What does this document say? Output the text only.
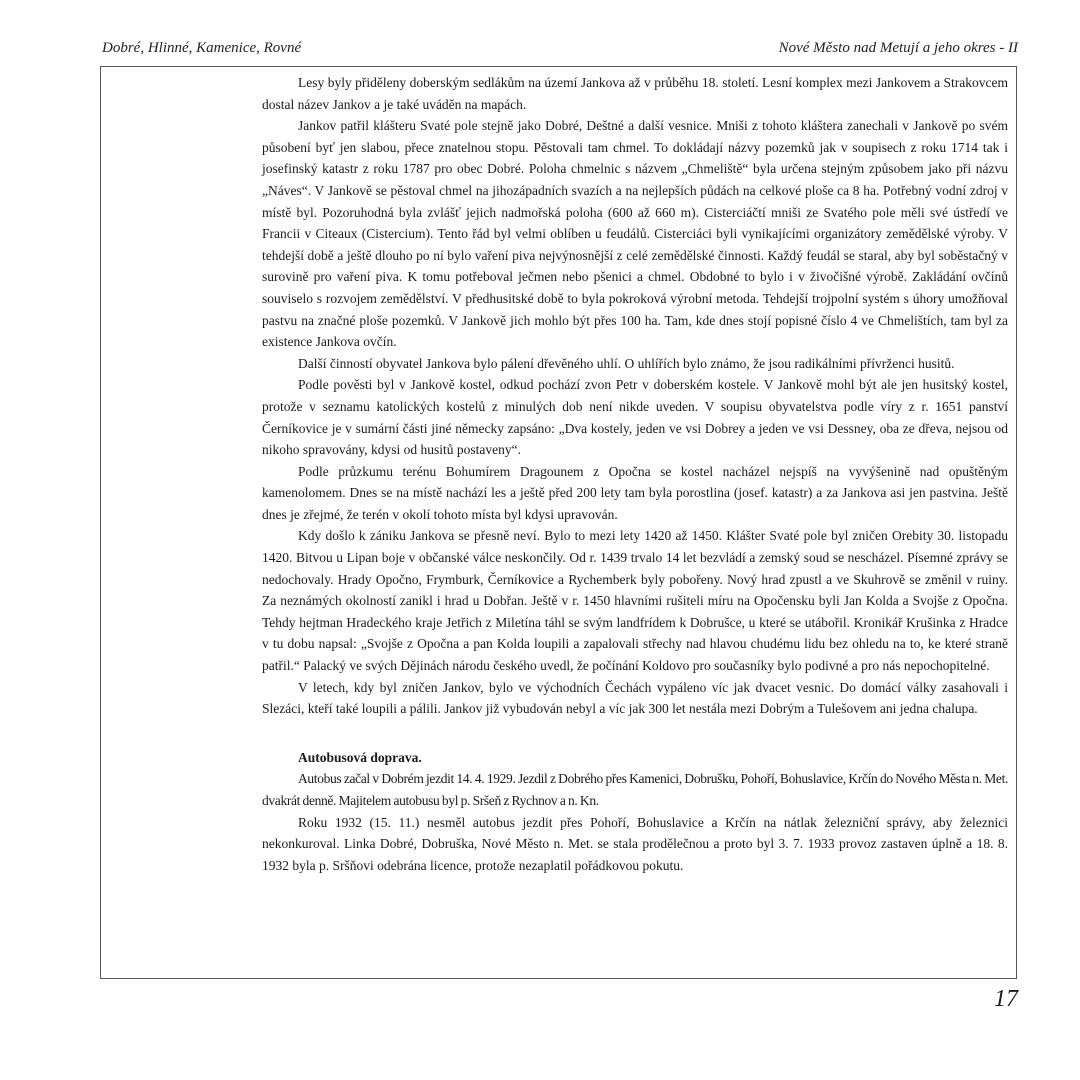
Dobré, Hlinné, Kamenice, Rovné	Nové Město nad Metují a jeho okres - II

Lesy byly přiděleny doberským sedlákům na území Jankova až v průběhu 18. století. Lesní komplex mezi Jankovem a Strakovcem dostal název Jankov a je také uváděn na mapách.

Jankov patřil klášteru Svaté pole stejně jako Dobré, Deštné a další vesnice. Mniši z tohoto kláštera zanechali v Jankově po svém působení byť jen slabou, přece znatelnou stopu. Pěstovali tam chmel. To dokládají názvy pozemků jak v soupisech z roku 1714 tak i josefinský katastr z roku 1787 pro obec Dobré. Poloha chmelnic s názvem „Chmeliště“ byla určena stejným způsobem jako při názvu „Náves“. V Jankově se pěstoval chmel na jihozápadních svazích a na nejlepších půdách na celkové ploše ca 8 ha. Potřebný vodní zdroj v místě byl. Pozoruhodná byla zvlášť jejich nadmořská poloha (600 až 660 m). Cisterciáčtí mniši ze Svatého pole měli své ústředí ve Francii v Citeaux (Cistercium). Tento řád byl velmi oblíben u feudálů. Cisterciáci byli vynikajícími organizátory zemědělské výroby. V tehdejší době a ještě dlouho po ní bylo vaření piva nejvýnosnější z celé zemědělské činnosti. Každý feudál se staral, aby byl soběstačný v surovině pro vaření piva. K tomu potřeboval ječmen nebo pšenici a chmel. Obdobné to bylo i v živočišné výrobě. Zakládání ovčínů souviselo s rozvojem zemědělství. V předhusitské době to byla pokroková výrobní metoda. Tehdejší trojpolní systém s úhory umožňoval pastvu na značné ploše pozemků. V Jankově jich mohlo být přes 100 ha. Tam, kde dnes stojí popisné číslo 4 ve Chmelištích, tam byl za existence Jankova ovčín.

Další činností obyvatel Jankova bylo pálení dřevěného uhlí. O uhlířích bylo známo, že jsou radikálními přívrženci husitů.

Podle pověsti byl v Jankově kostel, odkud pochází zvon Petr v doberském kostele. V Jankově mohl být ale jen husitský kostel, protože v seznamu katolických kostelů z minulých dob není nikde uveden. V soupisu obyvatelstva podle víry z r. 1651 panství Černíkovice je v sumární části jiné německy zapsáno: „Dva kostely, jeden ve vsi Dobrey a jeden ve vsi Dessney, oba ze dřeva, nejsou od nikoho spravovány, kdysi od husitů postaveny“.

Podle průzkumu terénu Bohumírem Dragounem z Opočna se kostel nacházel nejspíš na vyvýšenině nad opuštěným kamenolomem. Dnes se na místě nachází les a ještě před 200 lety tam byla porostlina (josef. katastr) a za Jankova asi jen pastvina. Ještě dnes je zřejmé, že terén v okolí tohoto místa byl kdysi upravován.

Kdy došlo k zániku Jankova se přesně neví. Bylo to mezi lety 1420 až 1450. Klášter Svaté pole byl zničen Orebity 30. listopadu 1420. Bitvou u Lipan boje v občanské válce neskončily. Od r. 1439 trvalo 14 let bezvládí a zemský soud se nescházel. Písemné zprávy se nedochovaly. Hrady Opočno, Frymburk, Černíkovice a Rychemberk byly pobořeny. Nový hrad zpustl a ve Skuhrově se změnil v ruiny. Za neznámých okolností zanikl i hrad u Dobřan. Ještě v r. 1450 hlavními rušiteli míru na Opočensku byli Jan Kolda a Svojše z Opočna. Tehdy hejtman Hradeckého kraje Jetřich z Miletína táhl se svým landfrídem k Dobrušce, u které se utábořil. Kronikář Krušinka z Hradce v tu dobu napsal: „Svojše z Opočna a pan Kolda loupili a zapalovali střechy nad hlavou chudému lidu bez ohledu na to, ke které straně patřil.“ Palacký ve svých Dějinách národu českého uvedl, že počínání Koldovo pro současníky bylo podivné a pro nás nepochopitelné.

V letech, kdy byl zničen Jankov, bylo ve východních Čechách vypáleno víc jak dvacet vesnic. Do domácí války zasahovali i Slezáci, kteří také loupili a pálili. Jankov již vybudován nebyl a víc jak 300 let nestála mezi Dobrým a Tulešovem ani jedna chalupa.

Autobusová doprava.

Autobus začal v Dobrém jezdit 14. 4. 1929. Jezdil z Dobrého přes Kamenici, Dobrušku, Pohoří, Bohuslavice, Krčín do Nového Města n. Met. dvakrát denně. Majitelem autobusu byl p. Sršeň z Rychnov a n. Kn.

Roku 1932 (15. 11.) nesměl autobus jezdit přes Pohoří, Bohuslavice a Krčín na nátlak železniční správy, aby železnici nekonkuroval. Linka Dobré, Dobruška, Nové Město n. Met. se stala prodělečnou a proto byl 3. 7. 1933 provoz zastaven úplně a 18. 8. 1932 byla p. Sršňovi odebrána licence, protože nezaplatil pořádkovou pokutu.

17
